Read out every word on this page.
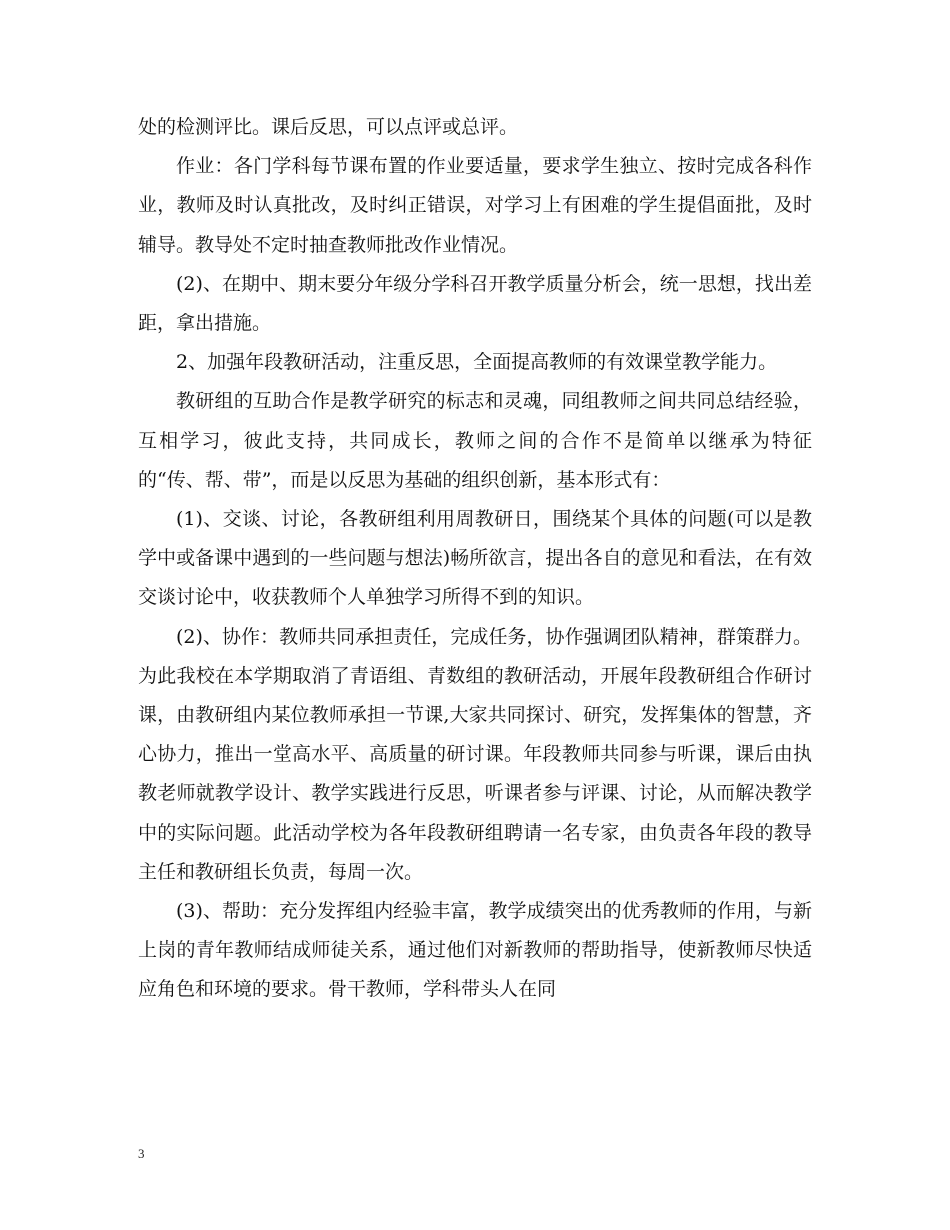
处的检测评比。课后反思，可以点评或总评。

作业：各门学科每节课布置的作业要适量，要求学生独立、按时完成各科作业，教师及时认真批改，及时纠正错误，对学习上有困难的学生提倡面批，及时辅导。教导处不定时抽查教师批改作业情况。

(2)、在期中、期末要分年级分学科召开教学质量分析会，统一思想，找出差距，拿出措施。

2、加强年段教研活动，注重反思，全面提高教师的有效课堂教学能力。

教研组的互助合作是教学研究的标志和灵魂，同组教师之间共同总结经验，互相学习，彼此支持，共同成长，教师之间的合作不是简单以继承为特征的“传、帮、带”，而是以反思为基础的组织创新，基本形式有：

(1)、交谈、讨论，各教研组利用周教研日，围绕某个具体的问题(可以是教学中或备课中遇到的一些问题与想法)畅所欲言，提出各自的意见和看法，在有效交谈讨论中，收获教师个人单独学习所得不到的知识。

(2)、协作：教师共同承担责任，完成任务，协作强调团队精神，群策群力。为此我校在本学期取消了青语组、青数组的教研活动，开展年段教研组合作研讨课，由教研组内某位教师承担一节课,大家共同探讨、研究，发挥集体的智慧，齐心协力，推出一堂高水平、高质量的研讨课。年段教师共同参与听课，课后由执教老师就教学设计、教学实践进行反思，听课者参与评课、讨论，从而解决教学中的实际问题。此活动学校为各年段教研组聘请一名专家，由负责各年段的教导主任和教研组长负责，每周一次。

(3)、帮助：充分发挥组内经验丰富，教学成绩突出的优秀教师的作用，与新上岗的青年教师结成师徒关系，通过他们对新教师的帮助指导，使新教师尽快适应角色和环境的要求。骨干教师，学科带头人在同

3
